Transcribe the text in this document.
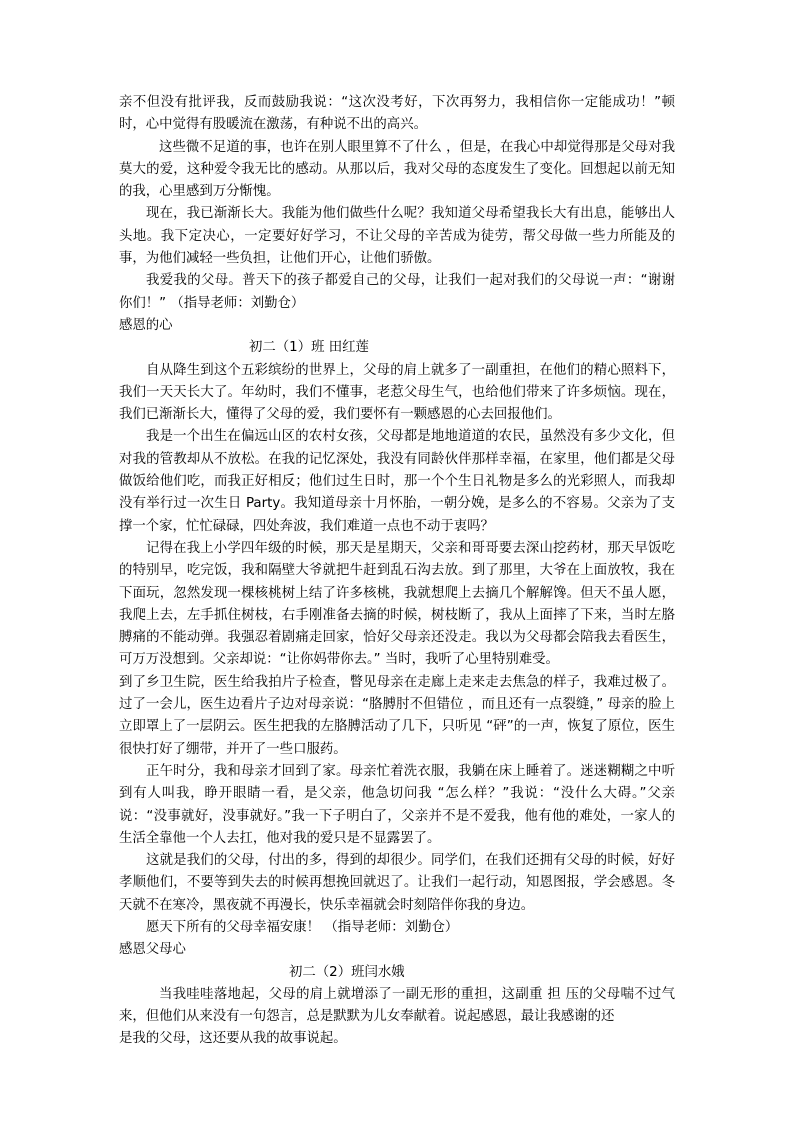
亲不但没有批评我，反而鼓励我说：“这次没考好，下次再努力，我相信你一定能成功！”顿时，心中觉得有股暖流在激荡，有种说不出的高兴。

这些微不足道的事，也许在别人眼里算不了什么 ，但是，在我心中却觉得那是父母对我莫大的爱，这种爱令我无比的感动。从那以后，我对父母的态度发生了变化。回想起以前无知的我，心里感到万分惭愧。

现在，我已渐渐长大。我能为他们做些什么呢？我知道父母希望我长大有出息，能够出人头地。我下定决心，一定要好好学习，不让父母的辛苦成为徒劳，帮父母做一些力所能及的事，为他们减轻一些负担，让他们开心，让他们骄傲。

我爱我的父母。普天下的孩子都爱自己的父母，让我们一起对我们的父母说一声：“谢谢你们！” （指导老师：刘勤仓）

感恩的心

初二（1）班 田红莲

自从降生到这个五彩缤纷的世界上，父母的肩上就多了一副重担，在他们的精心照料下，我们一天天长大了。年幼时，我们不懂事，老惹父母生气，也给他们带来了许多烦恼。现在，我们已渐渐长大，懂得了父母的爱，我们要怀有一颗感恩的心去回报他们。

我是一个出生在偏远山区的农村女孩，父母都是地地道道的农民，虽然没有多少文化，但对我的管教却从不放松。在我的记忆深处，我没有同龄伙伴那样幸福，在家里，他们都是父母做饭给他们吃，而我正好相反；他们过生日时，那一个个生日礼物是多么的光彩照人，而我却没有举行过一次生日 Party。我知道母亲十月怀胎，一朝分娩，是多么的不容易。父亲为了支撑一个家，忙忙碌碌，四处奔波，我们难道一点也不动于衷吗？

记得在我上小学四年级的时候，那天是星期天，父亲和哥哥要去深山挖药材，那天早饭吃的特别早，吃完饭，我和隔壁大爷就把牛赶到乱石沟去放。到了那里，大爷在上面放牧，我在下面玩，忽然发现一棵核桃树上结了许多核桃，我就想爬上去摘几个解解馋。但天不虽人愿，我爬上去，左手抓住树枝，右手刚准备去摘的时候，树枝断了，我从上面摔了下来，当时左胳膊痛的不能动弹。我强忍着剧痛走回家，恰好父母亲还没走。我以为父母都会陪我去看医生，可万万没想到。父亲却说：“让你妈带你去。” 当时，我听了心里特别难受。

到了乡卫生院，医生给我拍片子检查，瞥见母亲在走廊上走来走去焦急的样子，我难过极了。过了一会儿，医生边看片子边对母亲说：“胳膊肘不但错位 ，而且还有一点裂缝，” 母亲的脸上立即罩上了一层阴云。医生把我的左胳膊活动了几下，只听见 “砰”的一声，恢复了原位，医生很快打好了绷带，并开了一些口服药。

正午时分，我和母亲才回到了家。母亲忙着洗衣服，我躺在床上睡着了。迷迷糊糊之中听到有人叫我，睁开眼睛一看，是父亲，他急切问我 “怎么样？”我说：“没什么大碍。”父亲说：“没事就好，没事就好。”我一下子明白了，父亲并不是不爱我，他有他的难处，一家人的生活全靠他一个人去扛，他对我的爱只是不显露罢了。

这就是我们的父母，付出的多，得到的却很少。同学们，在我们还拥有父母的时候，好好孝顺他们，不要等到失去的时候再想挽回就迟了。让我们一起行动，知恩图报，学会感恩。冬天就不在寒冷，黑夜就不再漫长，快乐幸福就会时刻陪伴你我的身边。

愿天下所有的父母幸福安康！ （指导老师：刘勤仓）

感恩父母心

初二（2）班闫水娥

当我哇哇落地起，父母的肩上就增添了一副无形的重担，这副重 担 压的父母喘不过气来，但他们从来没有一句怨言，总是默默为儿女奉献着。说起感恩，最让我感谢的还

是我的父母，这还要从我的故事说起。
